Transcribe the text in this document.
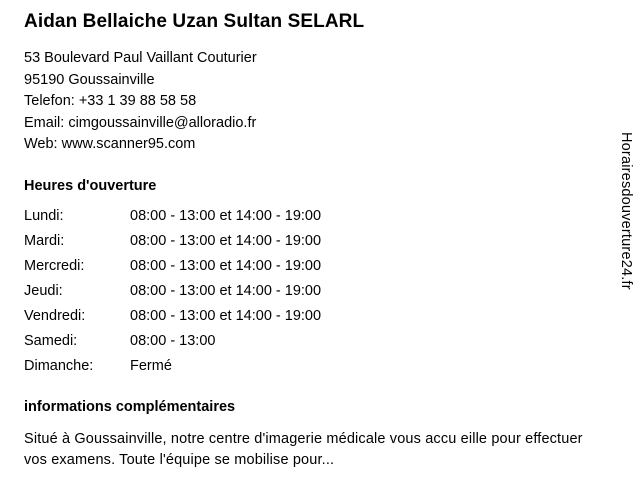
Aidan Bellaiche Uzan Sultan SELARL
53 Boulevard Paul Vaillant Couturier
95190 Goussainville
Telefon: +33 1 39 88 58 58
Email: cimgoussainville@alloradio.fr
Web: www.scanner95.com
Heures d'ouverture
Lundi:	08:00 - 13:00 et 14:00 - 19:00
Mardi:	08:00 - 13:00 et 14:00 - 19:00
Mercredi:	08:00 - 13:00 et 14:00 - 19:00
Jeudi:	08:00 - 13:00 et 14:00 - 19:00
Vendredi:	08:00 - 13:00 et 14:00 - 19:00
Samedi:	08:00 - 13:00
Dimanche:	Fermé
informations complémentaires
Situé à Goussainville, notre centre d'imagerie médicale vous accu eille pour effectuer vos examens. Toute l'équipe se mobilise pour...
Horairesdouverture24.fr
